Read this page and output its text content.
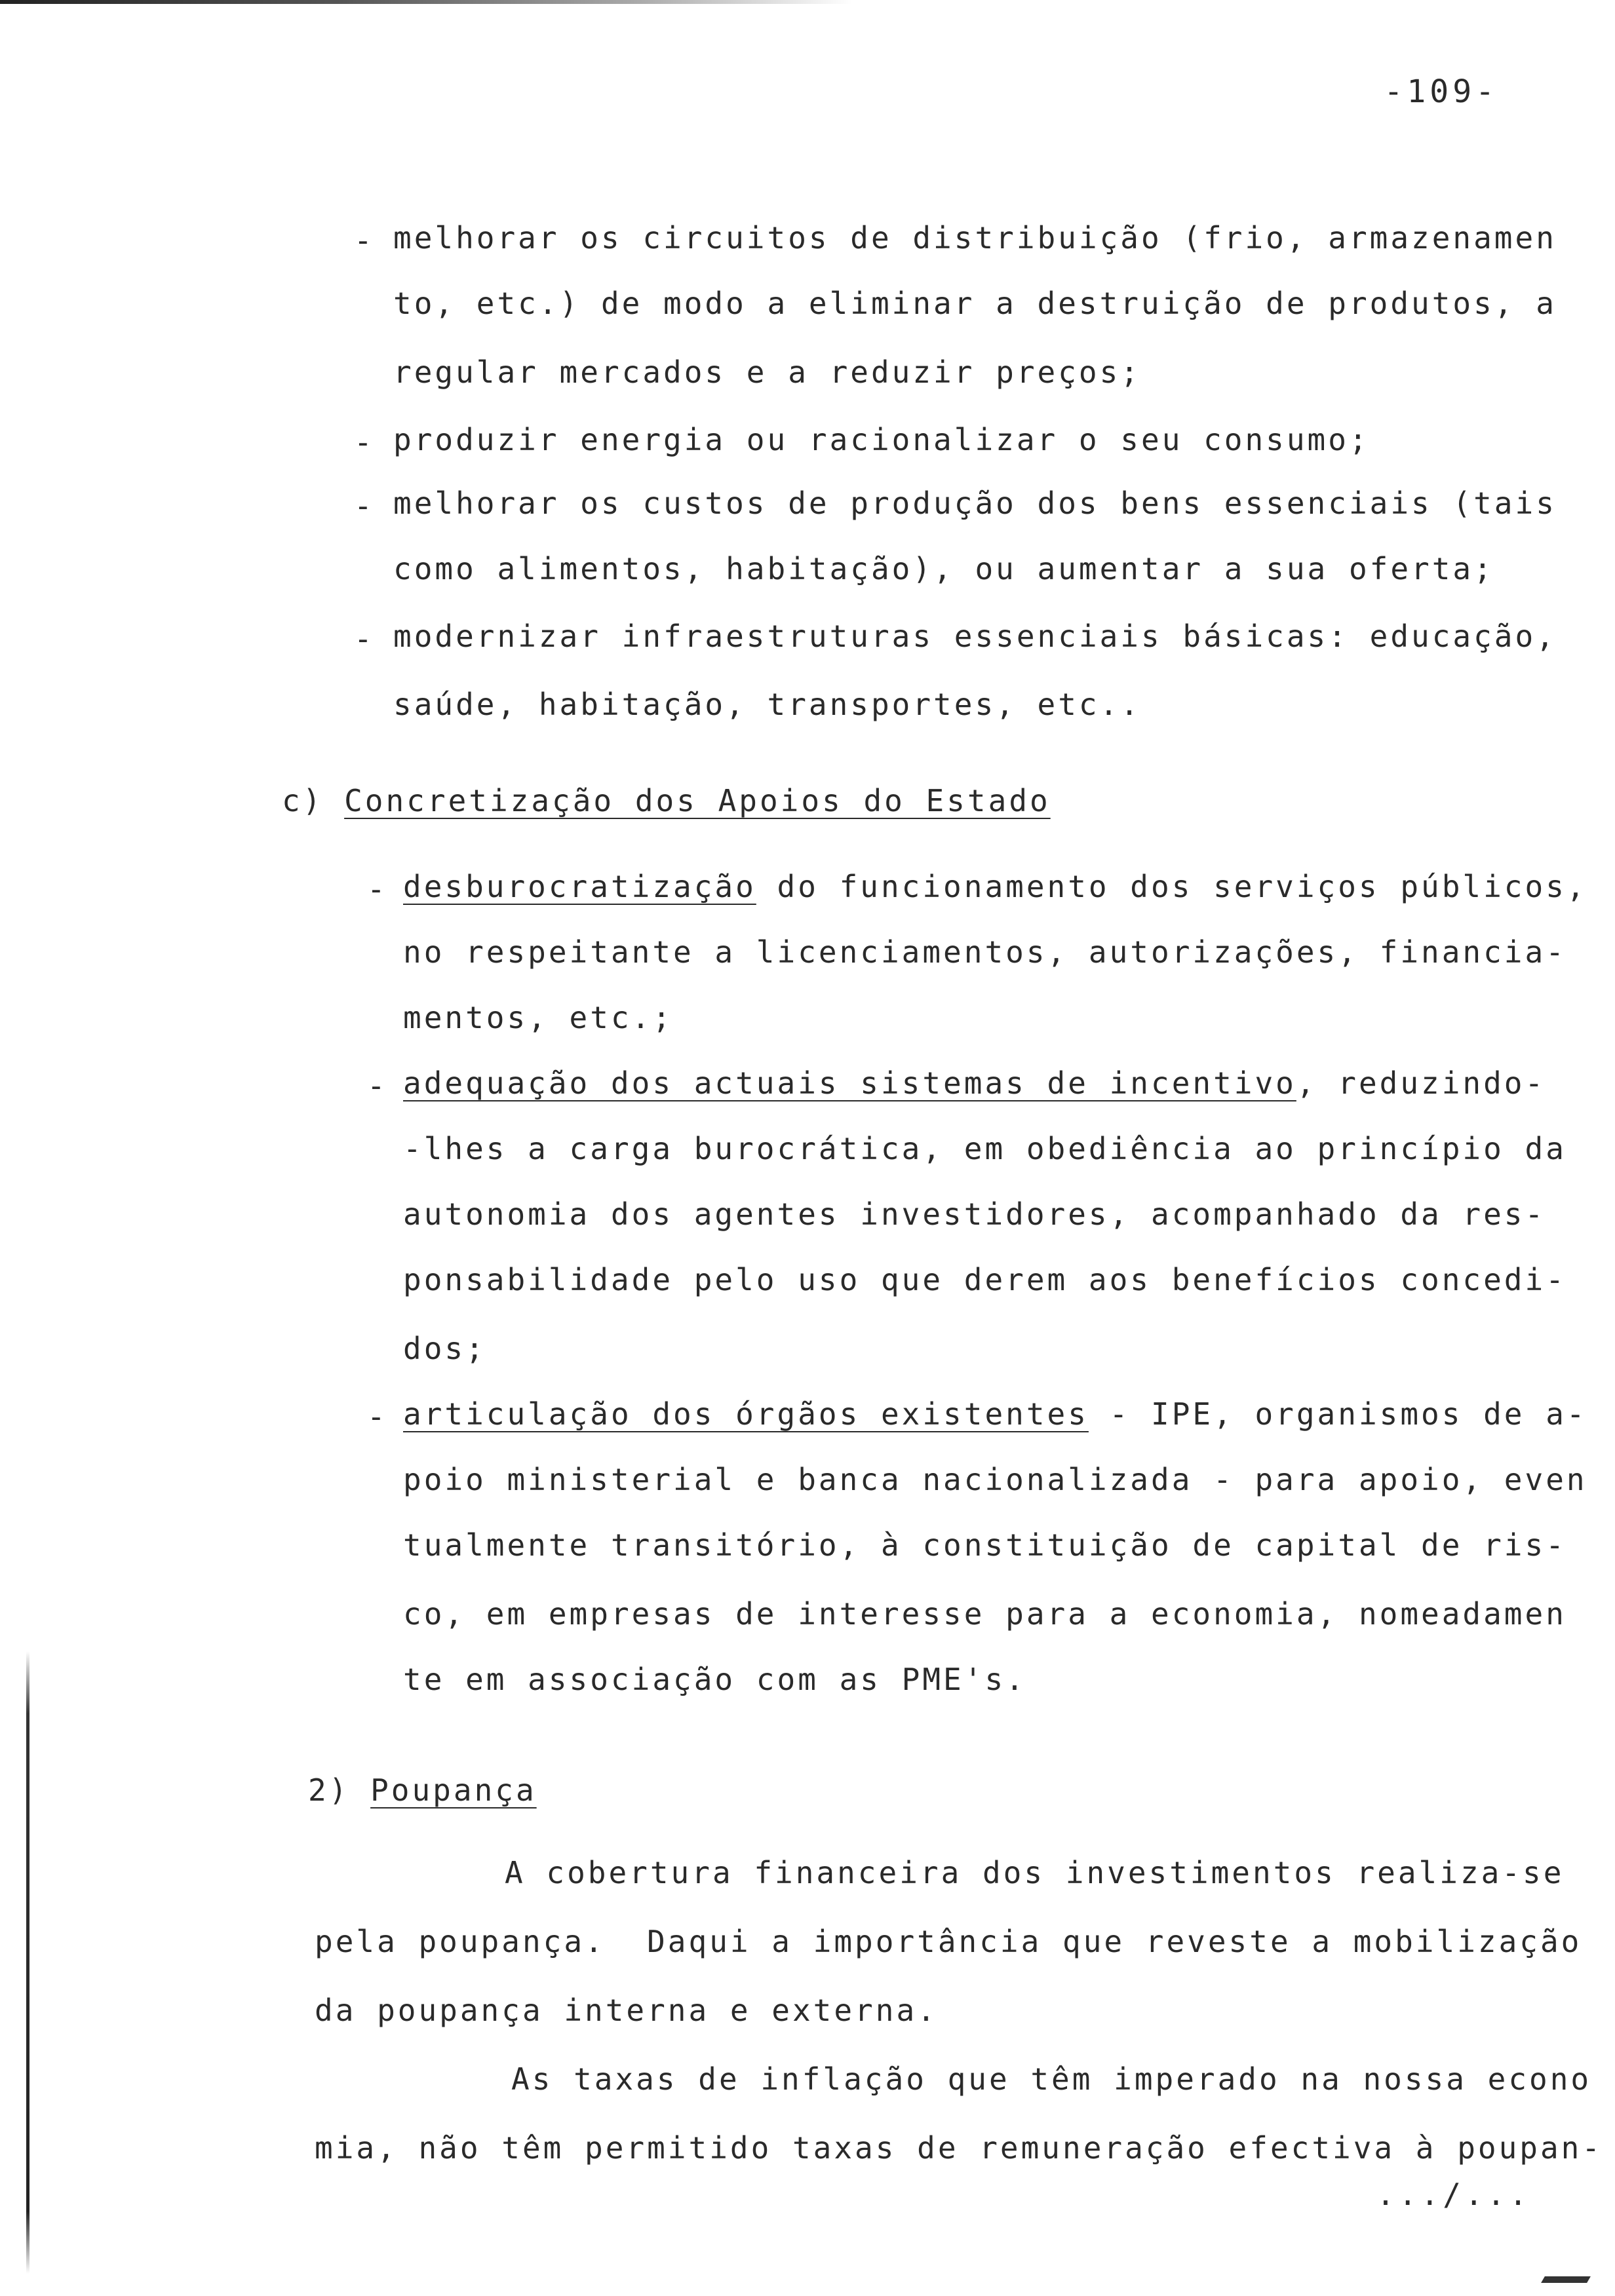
-109-
- melhorar os circuitos de distribuição (frio, armazenamen
to, etc.) de modo a eliminar a destruição de produtos, a
regular mercados e a reduzir preços;
- produzir energia ou racionalizar o seu consumo;
- melhorar os custos de produção dos bens essenciais (tais
como alimentos, habitação), ou aumentar a sua oferta;
- modernizar infraestruturas essenciais básicas: educação,
saúde, habitação, transportes, etc..
c) Concretização dos Apoios do Estado
- desburocratização do funcionamento dos serviços públicos,
no respeitante a licenciamentos, autorizações, financia-
mentos, etc.;
- adequação dos actuais sistemas de incentivo, reduzindo-
-lhes a carga burocrática, em obediência ao princípio da
autonomia dos agentes investidores, acompanhado da res-
ponsabilidade pelo uso que derem aos benefícios concedi-
dos;
- articulação dos órgãos existentes - IPE, organismos de a-
poio ministerial e banca nacionalizada - para apoio, even
tualmente transitório, à constituição de capital de ris-
co, em empresas de interesse para a economia, nomeadamen
te em associação com as PME's.
2) Poupança
A cobertura financeira dos investimentos realiza-se
pela poupança.  Daqui a importância que reveste a mobilização
da poupança interna e externa.
As taxas de inflação que têm imperado na nossa econo
mia, não têm permitido taxas de remuneração efectiva à poupan-
.../...
